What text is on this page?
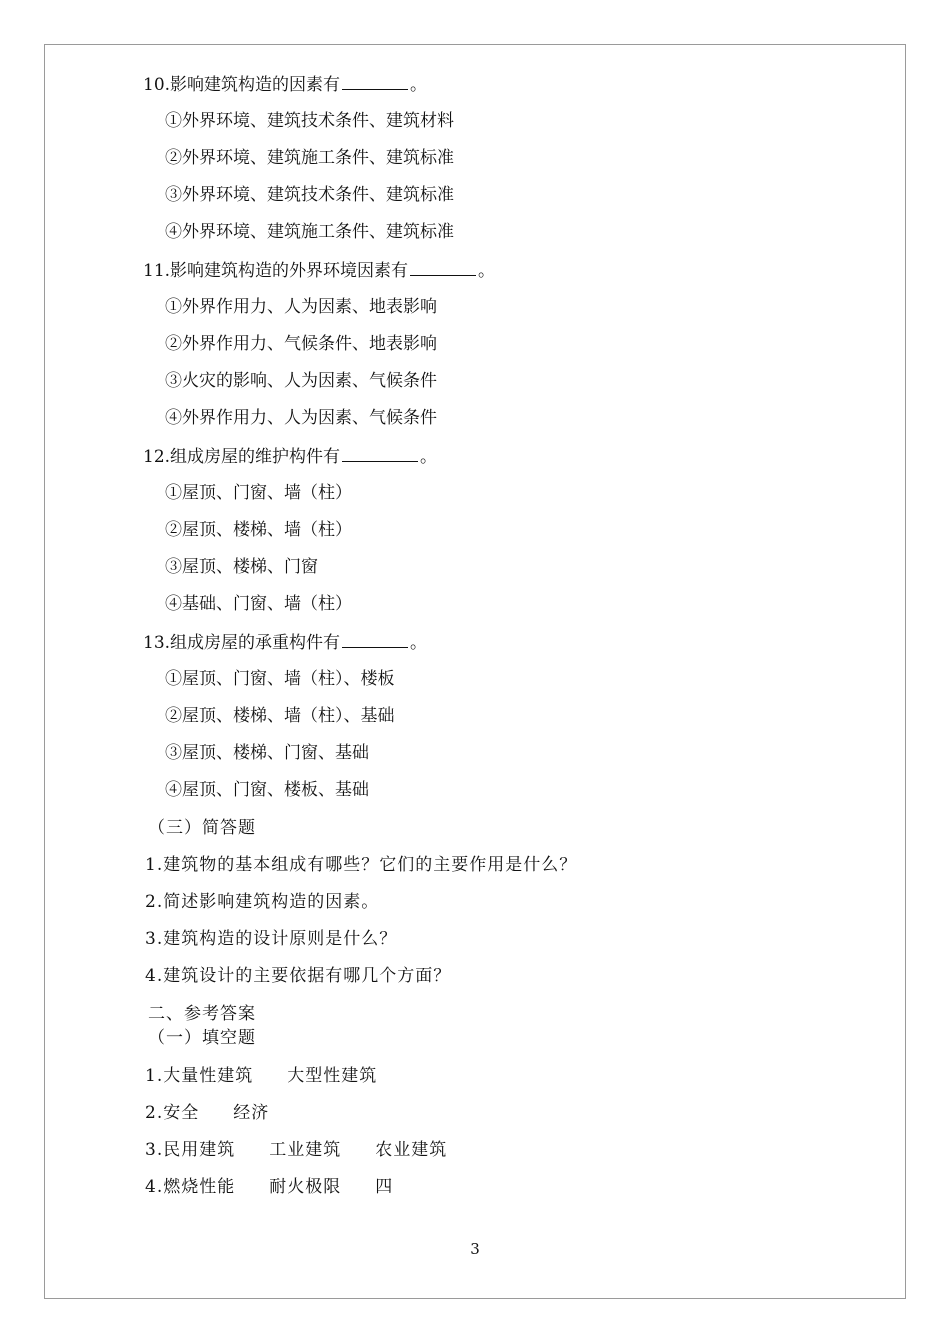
10.影响建筑构造的因素有	。
①外界环境、建筑技术条件、建筑材料
②外界环境、建筑施工条件、建筑标准
③外界环境、建筑技术条件、建筑标准
④外界环境、建筑施工条件、建筑标准
11.影响建筑构造的外界环境因素有	。
①外界作用力、人为因素、地表影响
②外界作用力、气候条件、地表影响
③火灾的影响、人为因素、气候条件
④外界作用力、人为因素、气候条件
12.组成房屋的维护构件有	。
①屋顶、门窗、墙（柱）
②屋顶、楼梯、墙（柱）
③屋顶、楼梯、门窗
④基础、门窗、墙（柱）
13.组成房屋的承重构件有	。
①屋顶、门窗、墙（柱）、楼板
②屋顶、楼梯、墙（柱）、基础
③屋顶、楼梯、门窗、基础
④屋顶、门窗、楼板、基础
（三）简答题
1.建筑物的基本组成有哪些？它们的主要作用是什么？
2.简述影响建筑构造的因素。
3.建筑构造的设计原则是什么？
4.建筑设计的主要依据有哪几个方面？
二、参考答案
（一）填空题
1.大量性建筑 大型性建筑
2.安全 经济
3.民用建筑 工业建筑 农业建筑
4.燃烧性能 耐火极限 四
3
